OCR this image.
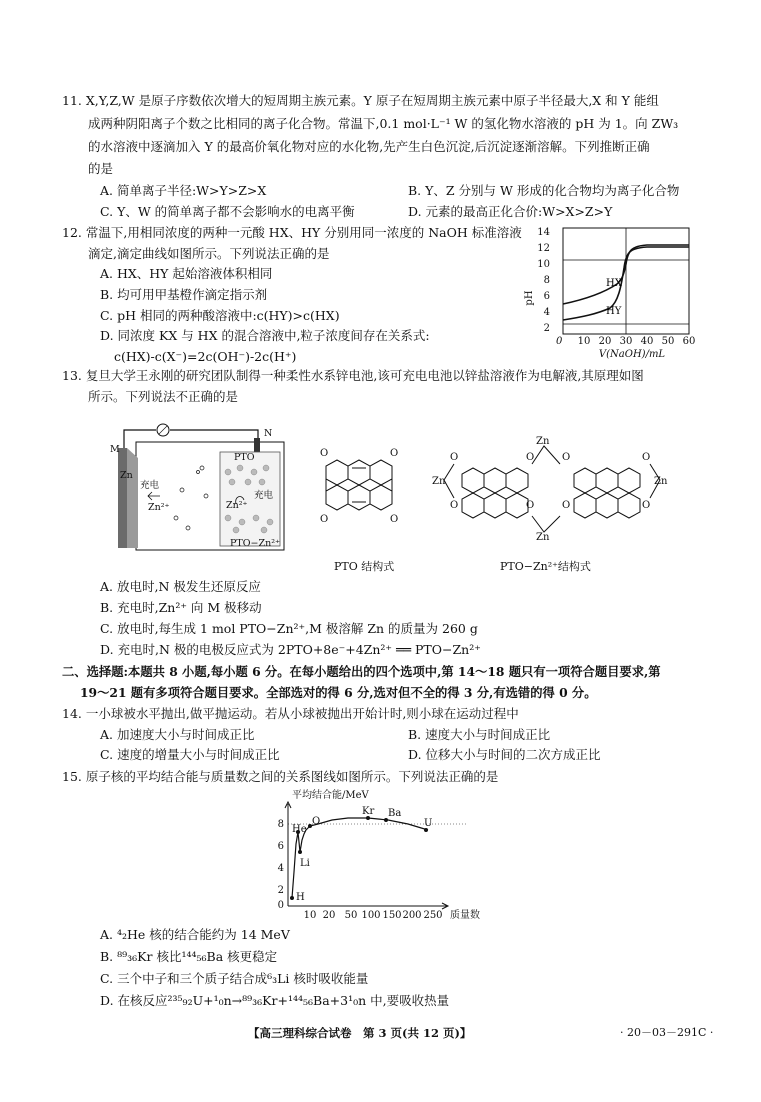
11. X,Y,Z,W 是原子序数依次增大的短周期主族元素。Y 原子在短周期主族元素中原子半径最大,X 和 Y 能组
成两种阴阳离子个数之比相同的离子化合物。常温下,0.1 mol·L⁻¹ W 的氢化物水溶液的 pH 为 1。向 ZW₃
的水溶液中逐滴加入 Y 的最高价氧化物对应的水化物,先产生白色沉淀,后沉淀逐渐溶解。下列推断正确
的是
A. 简单离子半径:W>Y>Z>X	B. Y、Z 分别与 W 形成的化合物均为离子化合物
C. Y、W 的简单离子都不会影响水的电离平衡	D. 元素的最高正化合价:W>X>Z>Y
12. 常温下,用相同浓度的两种一元酸 HX、HY 分别用同一浓度的 NaOH 标准溶液
滴定,滴定曲线如图所示。下列说法正确的是
A. HX、HY 起始溶液体积相同
B. 均可用甲基橙作滴定指示剂
C. pH 相同的两种酸溶液中:c(HY)>c(HX)
D. 同浓度 KX 与 HX 的混合溶液中,粒子浓度间存在关系式:
c(HX)-c(X⁻)=2c(OH⁻)-2c(H⁺)
pH
14
12
10
8
6
4
2
0 10 20 30 40 50 60
V(NaOH)/mL
HX
HY
13. 复旦大学王永刚的研究团队制得一种柔性水系锌电池,该可充电电池以锌盐溶液作为电解液,其原理如图
所示。下列说法不正确的是
M
N
Zn
充电
Zn²⁺
PTO
充电
Zn²⁺
PTO−Zn²⁺
O	O
O	O
PTO 结构式
Zn
Zn
Zn	Zn
O	O	O	O
O	O	O	O
PTO−Zn²⁺结构式
A. 放电时,N 极发生还原反应
B. 充电时,Zn²⁺ 向 M 极移动
C. 放电时,每生成 1 mol PTO−Zn²⁺,M 极溶解 Zn 的质量为 260 g
D. 充电时,N 极的电极反应式为 2PTO+8e⁻+4Zn²⁺ ══ PTO−Zn²⁺
二、选择题:本题共 8 小题,每小题 6 分。在每小题给出的四个选项中,第 14～18 题只有一项符合题目要求,第
19～21 题有多项符合题目要求。全部选对的得 6 分,选对但不全的得 3 分,有选错的得 0 分。
14. 一小球被水平抛出,做平抛运动。若从小球被抛出开始计时,则小球在运动过程中
A. 加速度大小与时间成正比	B. 速度大小与时间成正比
C. 速度的增量大小与时间成正比	D. 位移大小与时间的二次方成正比
15. 原子核的平均结合能与质量数之间的关系图线如图所示。下列说法正确的是
平均结合能/MeV
8
6
4
2
0
10 20 50 100 150 200 250 质量数
He
O
Kr Ba
U
Li
H
A. ⁴₂He 核的结合能约为 14 MeV
B. ⁸⁹₃₆Kr 核比¹⁴⁴₅₆Ba 核更稳定
C. 三个中子和三个质子结合成⁶₃Li 核时吸收能量
D. 在核反应²³⁵₉₂U+¹₀n→⁸⁹₃₆Kr+¹⁴⁴₅₆Ba+3¹₀n 中,要吸收热量
【高三理科综合试卷　第 3 页(共 12 页)】	· 20－03－291C ·
